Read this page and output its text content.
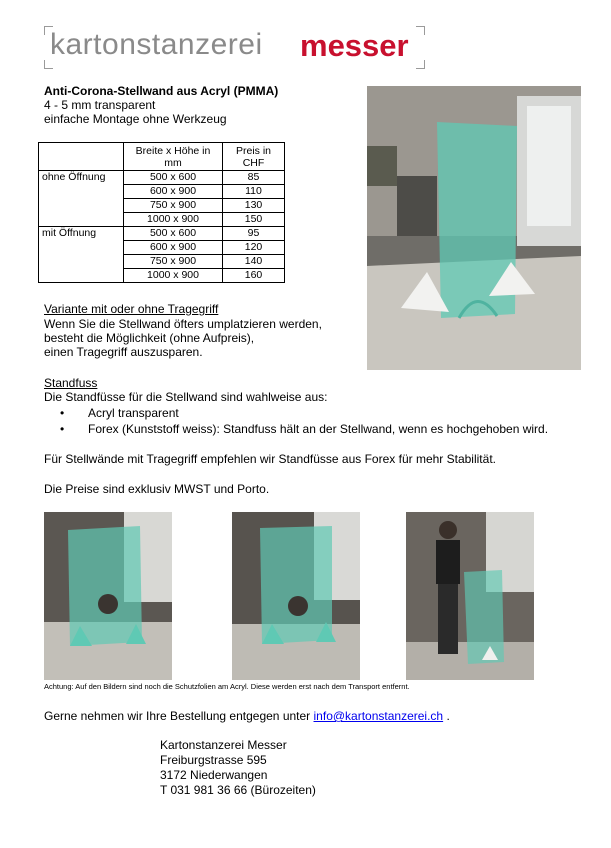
kartonstanzerei messer
Anti-Corona-Stellwand aus Acryl (PMMA)
4 - 5 mm transparent
einfache Montage ohne Werkzeug
	Breite x Höhe in mm	Preis in CHF
ohne Öffnung	500 x 600	85
	600 x 900	110
	750 x 900	130
	1000 x 900	150
mit Öffnung	500 x 600	95
	600 x 900	120
	750 x 900	140
	1000 x 900	160
Variante mit oder ohne Tragegriff
Wenn Sie die Stellwand öfters umplatzieren werden,
besteht die Möglichkeit (ohne Aufpreis),
einen Tragegriff auszusparen.
Standfuss
Die Standfüsse für die Stellwand sind wahlweise aus:
• Acryl transparent
• Forex (Kunststoff weiss): Standfuss hält an der Stellwand, wenn es hochgehoben wird.
Für Stellwände mit Tragegriff empfehlen wir Standfüsse aus Forex für mehr Stabilität.
Die Preise sind exklusiv MWST und Porto.
Achtung: Auf den Bildern sind noch die Schutzfolien am Acryl. Diese werden erst nach dem Transport entfernt.
Gerne nehmen wir Ihre Bestellung entgegen unter info@kartonstanzerei.ch .
Kartonstanzerei Messer
Freiburgstrasse 595
3172 Niederwangen
T 031 981 36 66 (Bürozeiten)
